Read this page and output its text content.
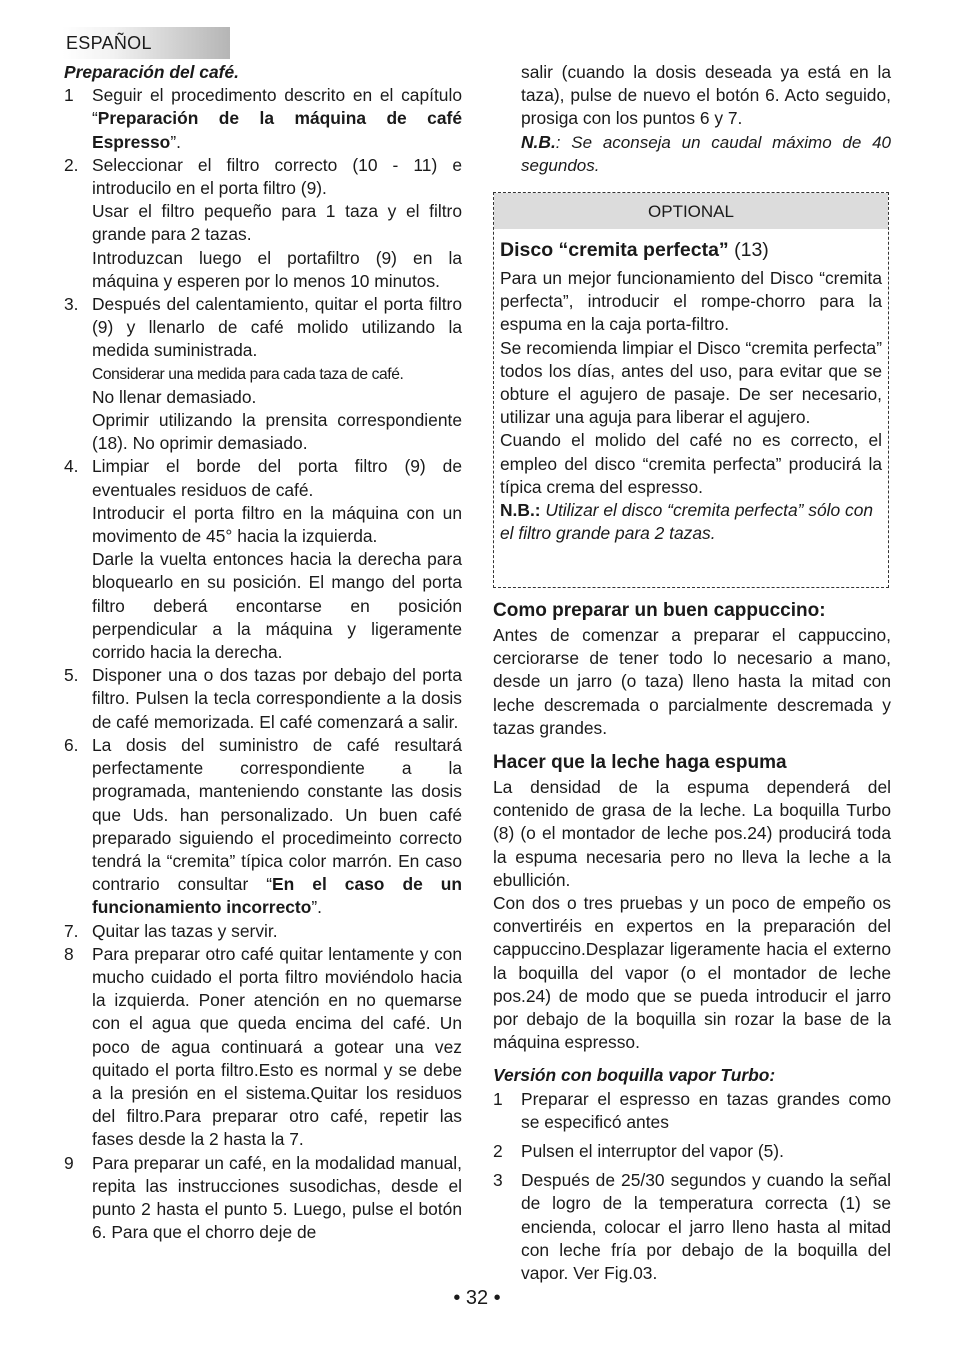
ESPAÑOL

Preparación del café.

1	Seguir el procedimento descrito en el capítulo “Preparación de la máquina de café Espresso”.
2. Seleccionar el filtro correcto (10 - 11) e introducilo en el porta filtro (9).

Usar el filtro pequeño para 1 taza y el filtro grande para 2 tazas.

Introduzcan luego el portafiltro (9) en la máquina y esperen por lo menos 10 minutos.

3. Después del calentamiento, quitar el porta filtro (9) y llenarlo de café molido utilizando la medida suministrada.

Considerar una medida para cada taza de café.

No llenar demasiado.

Oprimir utilizando la prensita correspondiente (18). No oprimir demasiado.

4. Limpiar el borde del porta filtro (9) de eventuales residuos de café.

Introducir el porta filtro en la máquina con un movimento de 45° hacia la izquierda.

Darle la vuelta entonces hacia la derecha para bloquearlo en su posición. El mango del porta filtro deberá encontarse en posición perpendicular a la máquina y ligeramente corrido hacia la derecha.

5. Disponer una o dos tazas por debajo del porta filtro. Pulsen la tecla correspondiente a la dosis de café memorizada. El café comenzará a salir.
6. La dosis del suministro de café resultará perfectamente correspondiente a la programada, manteniendo constante las dosis que Uds. han personalizado. Un buen café preparado siguiendo el procedimeinto correcto tendrá la “cremita” típica color marrón. En caso contrario consultar “En el caso de un funcionamiento incorrecto”.
7. Quitar las tazas y servir.
8	Para preparar otro café quitar lentamente y con mucho cuidado el porta filtro moviéndolo hacia la izquierda. Poner atención en no quemarse con el agua que queda encima del café. Un poco de agua continuará a gotear una vez quitado el porta filtro.Esto es normal y se debe a la presión en el sistema.Quitar los residuos del filtro.Para preparar otro café, repetir las fases desde la 2 hasta la 7.
9	Para preparar un café, en la modalidad manual, repita las instrucciones susodichas, desde el punto 2 hasta el punto 5. Luego, pulse el botón 6. Para que el chorro deje de

salir (cuando la dosis deseada ya está en la taza), pulse de nuevo el botón 6. Acto seguido, prosiga con los puntos 6 y 7.

N.B.: Se aconseja un caudal máximo de 40 segundos.

OPTIONAL

Disco “cremita perfecta” (13)

Para un mejor funcionamiento del Disco “cremita perfecta”, introducir el rompe-chorro para la espuma en la caja porta-filtro.

Se recomienda limpiar el Disco “cremita perfecta” todos los días, antes del uso, para evitar que se obture el agujero de pasaje. De ser necesario, utilizar una aguja para liberar el agujero.

Cuando el molido del café no es correcto, el empleo del disco “cremita perfecta” producirá la típica crema del espresso.

N.B.: Utilizar el disco “cremita perfecta” sólo con el filtro grande para 2 tazas.

Como preparar un buen cappuccino:

Antes de comenzar a preparar el cappuccino, cerciorarse de tener todo lo necesario a mano, desde un jarro (o taza) lleno hasta la mitad con leche descremada o parcialmente descremada y tazas grandes.

Hacer que la leche haga espuma

La densidad de la espuma dependerá del contenido de grasa de la leche. La boquilla Turbo (8) (o el montador de leche pos.24) producirá toda la espuma necesaria pero no lleva la leche a la ebullición.

Con dos o tres pruebas y un poco de empeño os convertiréis en expertos en la preparación del cappuccino.Desplazar ligeramente hacia el externo la boquilla del vapor (o el montador de leche pos.24) de modo que se pueda introducir el jarro por debajo de la boquilla sin rozar la base de la máquina espresso.

Versión con boquilla vapor Turbo:

1	Preparar el espresso en tazas grandes como se especificó antes
2	Pulsen el interruptor del vapor (5).
3	Después de 25/30 segundos y cuando la señal de logro de la temperatura correcta (1) se encienda, colocar el jarro lleno hasta al mitad con leche fría por debajo de la boquilla del vapor. Ver Fig.03.
• 32 •
